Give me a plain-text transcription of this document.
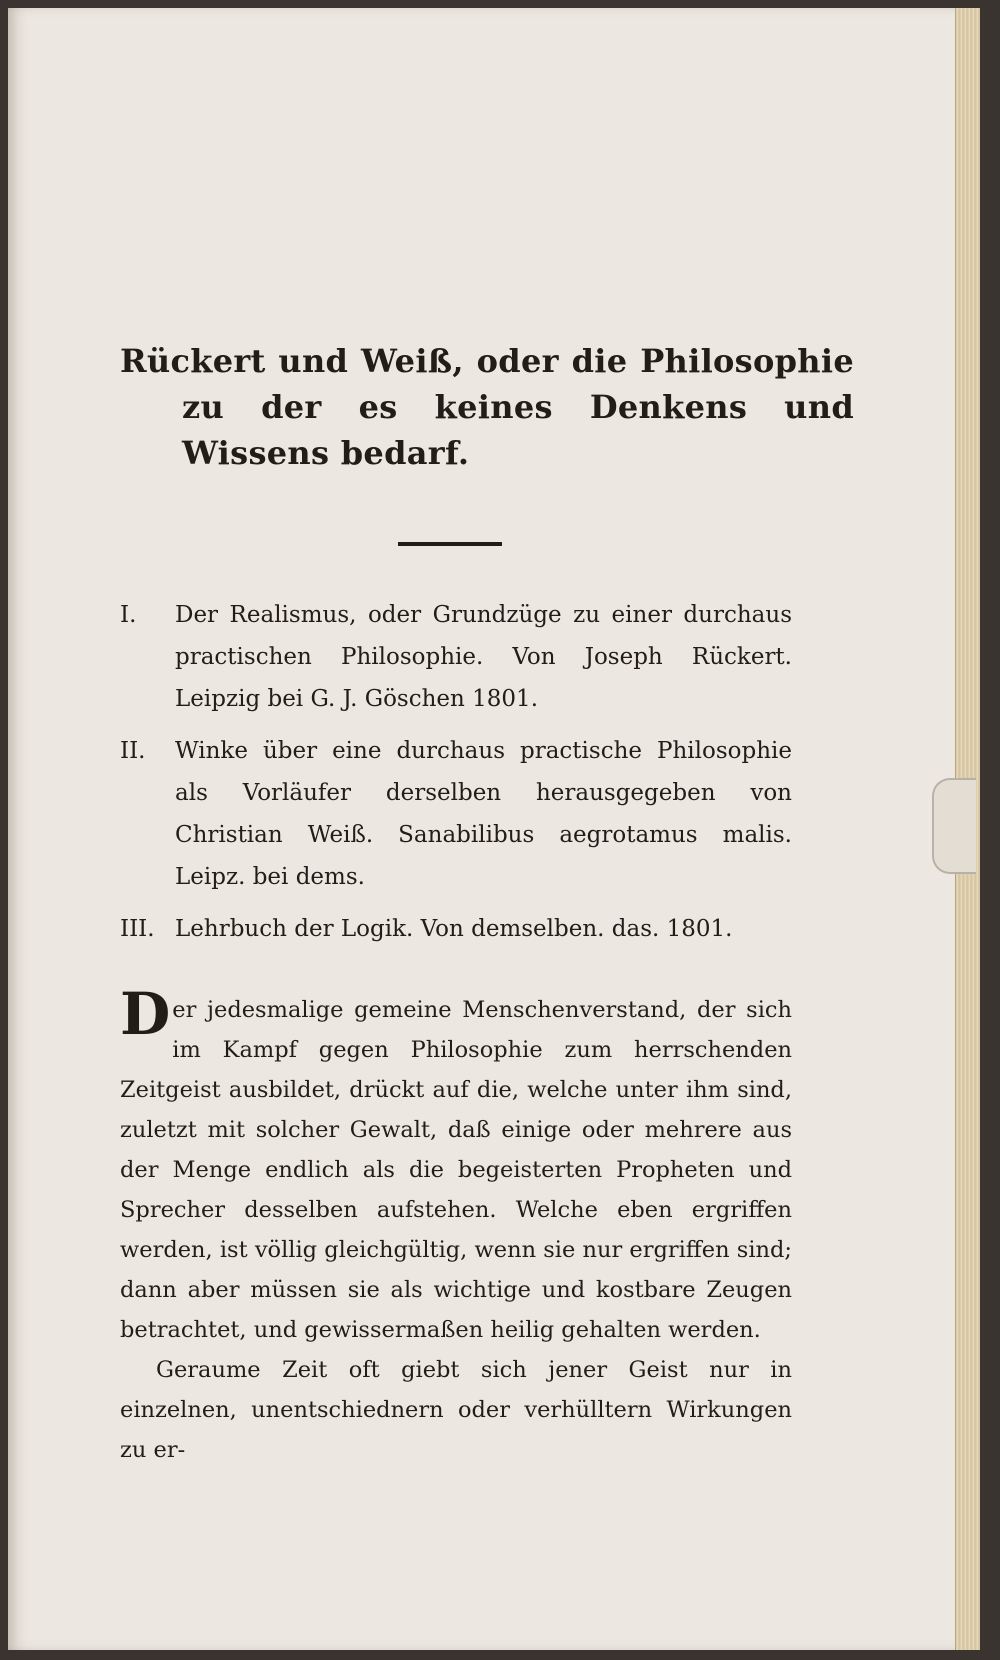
Rückert und Weiß, oder die Philosophie zu der es keines Denkens und Wissens bedarf.
I.	Der Realismus, oder Grundzüge zu einer durchaus practischen Philosophie. Von Joseph Rückert. Leipzig bei G. J. Göschen 1801.
II.	Winke über eine durchaus practische Philosophie als Vorläufer derselben herausgegeben von Christian Weiß. Sanabilibus aegrotamus malis. Leipz. bei dems.
III. Lehrbuch der Logik. Von demselben. das. 1801.

Der jedesmalige gemeine Menschenverstand, der sich im Kampf gegen Philosophie zum herrschenden Zeitgeist ausbildet, drückt auf die, welche unter ihm sind, zuletzt mit solcher Gewalt, daß einige oder mehrere aus der Menge endlich als die begeisterten Propheten und Sprecher desselben aufstehen. Welche eben ergriffen werden, ist völlig gleichgültig, wenn sie nur ergriffen sind; dann aber müssen sie als wichtige und kostbare Zeugen betrachtet, und gewissermaßen heilig gehalten werden.

Geraume Zeit oft giebt sich jener Geist nur in einzelnen, unentschiednern oder verhülltern Wirkungen zu er-
